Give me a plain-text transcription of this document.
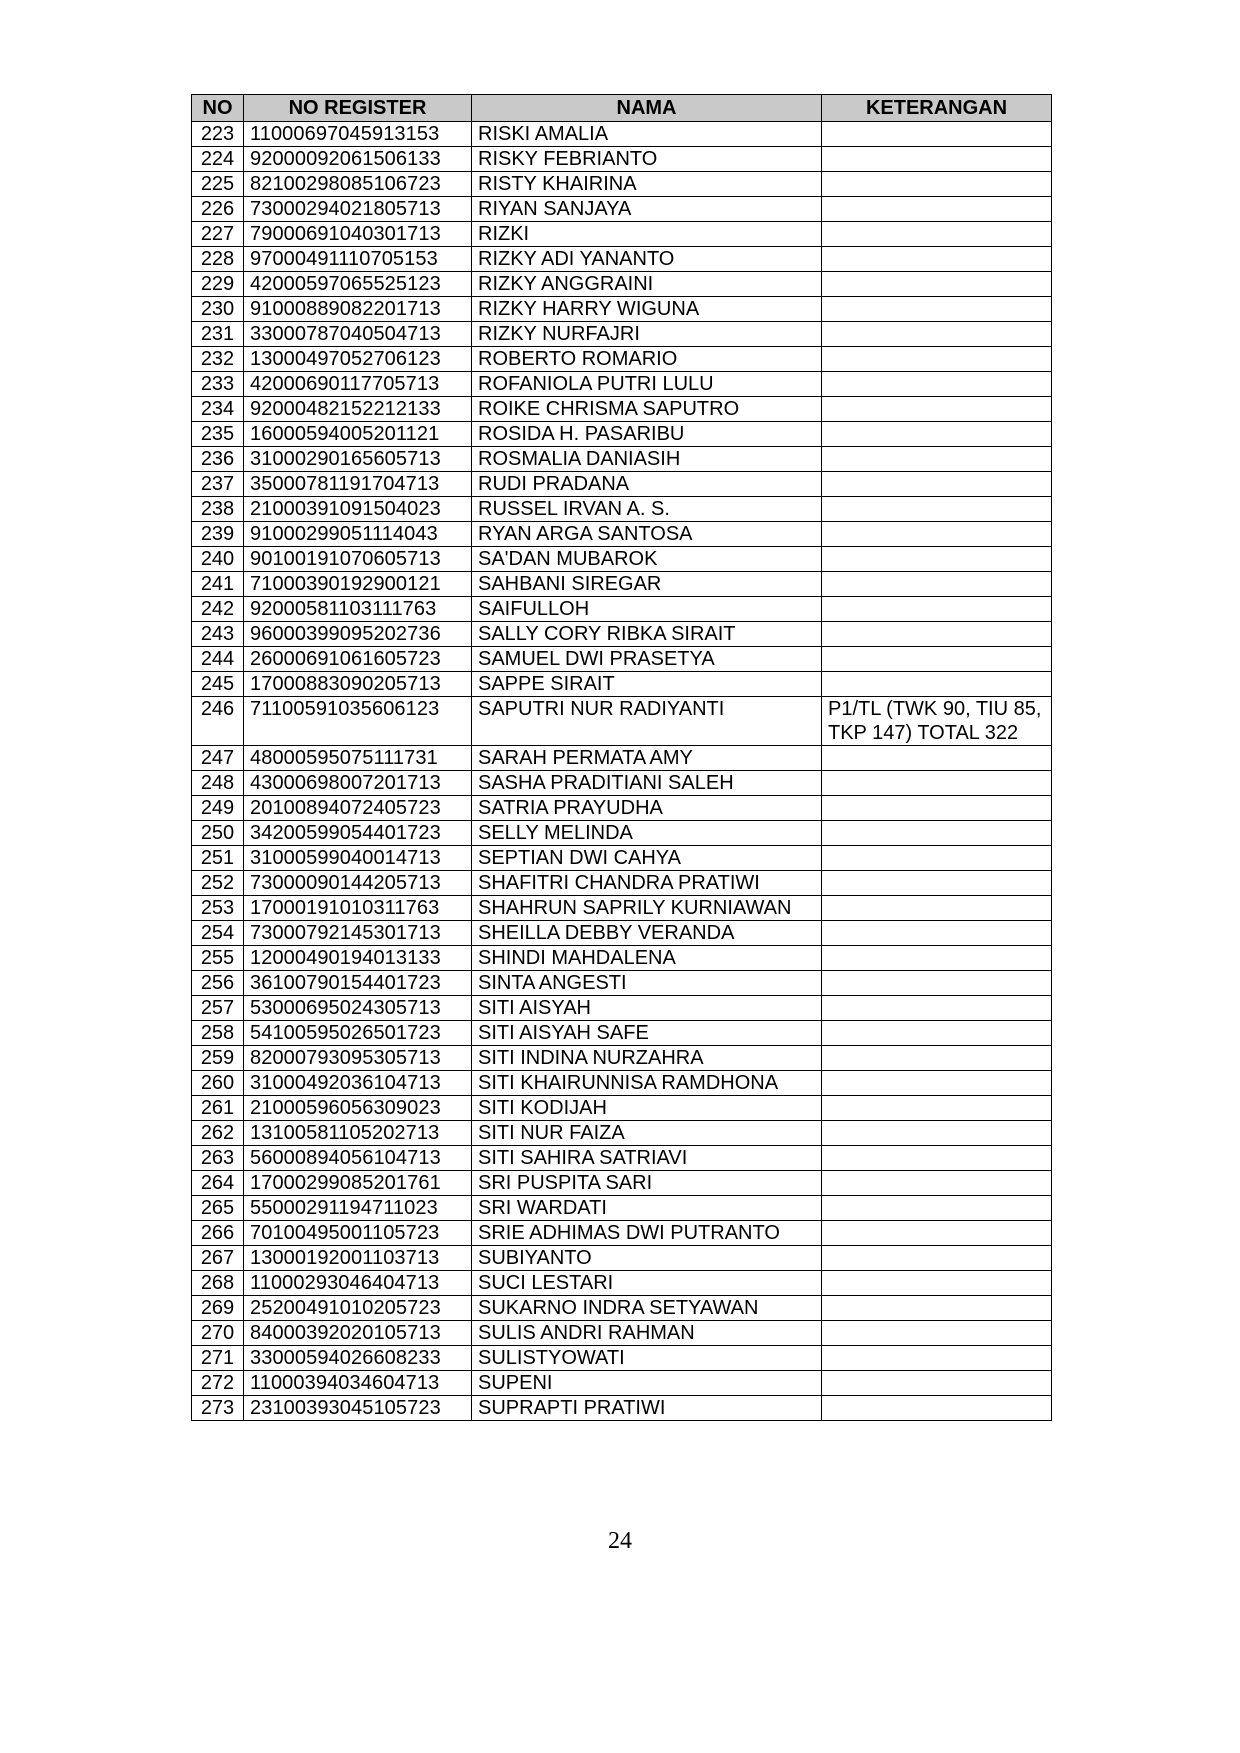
NO	NO REGISTER	NAMA	KETERANGAN
223	11000697045913153	RISKI AMALIA	
224	92000092061506133	RISKY FEBRIANTO	
225	82100298085106723	RISTY KHAIRINA	
226	73000294021805713	RIYAN SANJAYA	
227	79000691040301713	RIZKI	
228	97000491110705153	RIZKY ADI YANANTO	
229	42000597065525123	RIZKY ANGGRAINI	
230	91000889082201713	RIZKY HARRY WIGUNA	
231	33000787040504713	RIZKY NURFAJRI	
232	13000497052706123	ROBERTO ROMARIO	
233	42000690117705713	ROFANIOLA PUTRI LULU	
234	92000482152212133	ROIKE CHRISMA SAPUTRO	
235	16000594005201121	ROSIDA H. PASARIBU	
236	31000290165605713	ROSMALIA DANIASIH	
237	35000781191704713	RUDI PRADANA	
238	21000391091504023	RUSSEL IRVAN A. S.	
239	91000299051114043	RYAN ARGA SANTOSA	
240	90100191070605713	SA'DAN MUBAROK	
241	71000390192900121	SAHBANI SIREGAR	
242	92000581103111763	SAIFULLOH	
243	96000399095202736	SALLY CORY RIBKA SIRAIT	
244	26000691061605723	SAMUEL DWI PRASETYA	
245	17000883090205713	SAPPE SIRAIT	
246	71100591035606123	SAPUTRI NUR RADIYANTI	P1/TL (TWK 90, TIU 85, TKP 147) TOTAL 322
247	48000595075111731	SARAH PERMATA AMY	
248	43000698007201713	SASHA PRADITIANI SALEH	
249	20100894072405723	SATRIA PRAYUDHA	
250	34200599054401723	SELLY MELINDA	
251	31000599040014713	SEPTIAN DWI CAHYA	
252	73000090144205713	SHAFITRI CHANDRA PRATIWI	
253	17000191010311763	SHAHRUN SAPRILY KURNIAWAN	
254	73000792145301713	SHEILLA DEBBY VERANDA	
255	12000490194013133	SHINDI MAHDALENA	
256	36100790154401723	SINTA ANGESTI	
257	53000695024305713	SITI AISYAH	
258	54100595026501723	SITI AISYAH SAFE	
259	82000793095305713	SITI INDINA NURZAHRA	
260	31000492036104713	SITI KHAIRUNNISA RAMDHONA	
261	21000596056309023	SITI KODIJAH	
262	13100581105202713	SITI NUR FAIZA	
263	56000894056104713	SITI SAHIRA SATRIAVI	
264	17000299085201761	SRI PUSPITA SARI	
265	55000291194711023	SRI WARDATI	
266	70100495001105723	SRIE ADHIMAS DWI PUTRANTO	
267	13000192001103713	SUBIYANTO	
268	11000293046404713	SUCI LESTARI	
269	25200491010205723	SUKARNO INDRA SETYAWAN	
270	84000392020105713	SULIS ANDRI RAHMAN	
271	33000594026608233	SULISTYOWATI	
272	11000394034604713	SUPENI	
273	23100393045105723	SUPRAPTI PRATIWI	
24
